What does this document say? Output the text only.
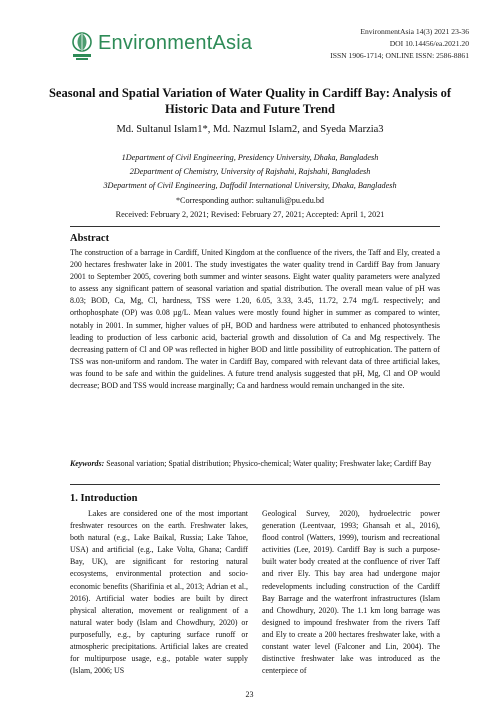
EnvironmentAsia
EnvironmentAsia 14(3) 2021 23-36
DOI 10.14456/ea.2021.20
ISSN 1906-1714; ONLINE ISSN: 2586-8861
Seasonal and Spatial Variation of Water Quality in Cardiff Bay: Analysis of Historic Data and Future Trend
Md. Sultanul Islam1*, Md. Nazmul Islam2, and Syeda Marzia3
1Department of Civil Engineering, Presidency University, Dhaka, Bangladesh
2Department of Chemistry, University of Rajshahi, Rajshahi, Bangladesh
3Department of Civil Engineering, Daffodil International University, Dhaka, Bangladesh
*Corresponding author: sultanuli@pu.edu.bd
Received: February 2, 2021; Revised: February 27, 2021; Accepted: April 1, 2021
Abstract
The construction of a barrage in Cardiff, United Kingdom at the confluence of the rivers, the Taff and Ely, created a 200 hectares freshwater lake in 2001. The study investigates the water quality trend in Cardiff Bay from January 2001 to September 2005, covering both summer and winter seasons. Eight water quality parameters were analyzed to assess any significant pattern of seasonal variation and spatial distribution. The overall mean value of pH was 8.03; BOD, Ca, Mg, Cl, hardness, TSS were 1.20, 6.05, 3.33, 3.45, 11.72, 2.74 mg/L respectively; and orthophosphate (OP) was 0.08 µg/L. Mean values were mostly found higher in summer as compared to winter, notably in 2001. In summer, higher values of pH, BOD and hardness were attributed to enhanced photosynthesis leading to production of less carbonic acid, bacterial growth and dissolution of Ca and Mg respectively. The decreasing pattern of Cl and OP was reflected in higher BOD and little possibility of eutrophication. The pattern of TSS was non-uniform and random. The water in Cardiff Bay, compared with relevant data of three artificial lakes, was found to be safe and within the guidelines. A future trend analysis suggested that pH, Mg, Cl and OP would decrease; BOD and TSS would increase marginally; Ca and hardness would remain unchanged in the site.
Keywords: Seasonal variation; Spatial distribution; Physico-chemical; Water quality; Freshwater lake; Cardiff Bay
1. Introduction

Lakes are considered one of the most important freshwater resources on the earth. Freshwater lakes, both natural (e.g., Lake Baikal, Russia; Lake Tahoe, USA) and artificial (e.g., Lake Volta, Ghana; Cardiff Bay, UK), are significant for restoring natural ecosystems, environmental protection and socio-economic benefits (Sharifinia et al., 2013; Adrian et al., 2016). Artificial water bodies are built by direct physical alteration, movement or realignment of a natural water body (Islam and Chowdhury, 2020) or purposefully, e.g., by capturing surface runoff or atmospheric precipitations. Artificial lakes are created for multipurpose usage, e.g., potable water supply (Islam, 2006; US

Geological Survey, 2020), hydroelectric power generation (Leentvaar, 1993; Ghansah et al., 2016), flood control (Watters, 1999), tourism and recreational activities (Lee, 2019). Cardiff Bay is such a purpose-built water body created at the confluence of river Taff and river Ely. This bay area had undergone major redevelopments including construction of the Cardiff Bay Barrage and the waterfront infrastructures (Islam and Chowdhury, 2020). The 1.1 km long barrage was designed to impound freshwater from the rivers Taff and Ely to create a 200 hectares freshwater lake, with a constant water level (Falconer and Lin, 2004). The distinctive freshwater lake was introduced as the centerpiece of

23
